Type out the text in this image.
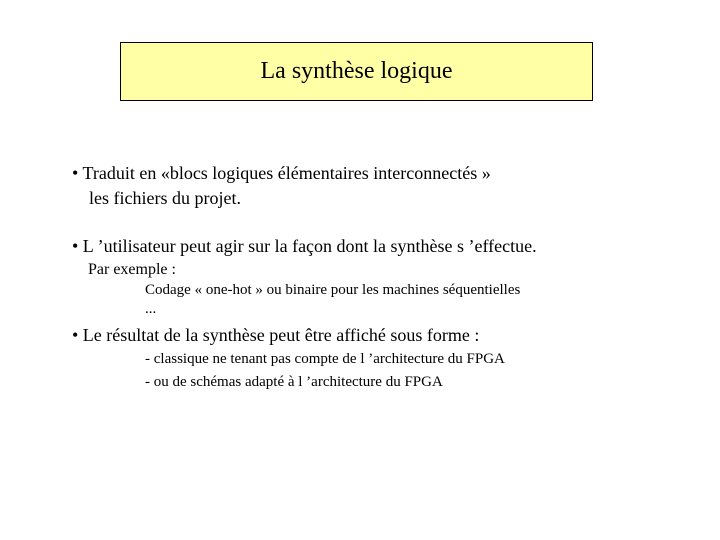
La synthèse logique
• Traduit en «blocs logiques élémentaires interconnectés »
les fichiers du projet.
• L ’utilisateur peut agir sur la façon dont la synthèse s ’effectue.
Par exemple :
Codage « one-hot » ou binaire pour les machines séquentielles
...
• Le résultat de la synthèse peut être affiché sous forme :
- classique ne tenant pas compte de l ’architecture du FPGA
- ou de schémas adapté à l ’architecture du FPGA
